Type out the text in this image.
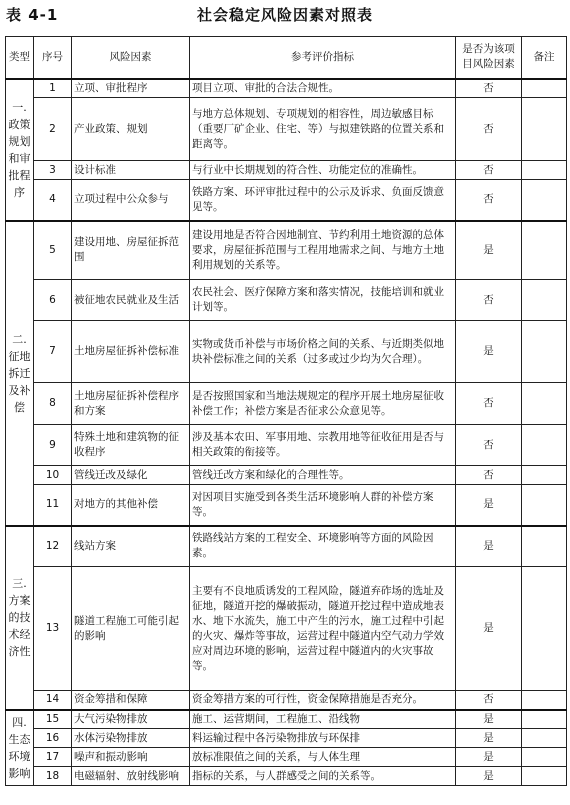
表 4-1	社会稳定风险因素对照表
类型	序号	风险因素	参考评价指标	是否为该项目风险因素	备注
一.政策规划和审批程序	1	立项、审批程序	项目立项、审批的合法合规性。	否	
	2	产业政策、规划	与地方总体规划、专项规划的相容性，周边敏感目标（重要厂矿企业、住宅、等）与拟建铁路的位置关系和距离等。	否	
	3	设计标准	与行业中长期规划的符合性、功能定位的准确性。	否	
	4	立项过程中公众参与	铁路方案、环评审批过程中的公示及诉求、负面反馈意见等。	否	
二.征地拆迁及补偿	5	建设用地、房屋征拆范围	建设用地是否符合因地制宜、节约利用土地资源的总体要求，房屋征拆范围与工程用地需求之间、与地方土地利用规划的关系等。	是	
	6	被征地农民就业及生活	农民社会、医疗保障方案和落实情况，技能培训和就业计划等。	否	
	7	土地房屋征拆补偿标准	实物或货币补偿与市场价格之间的关系、与近期类似地块补偿标准之间的关系（过多或过少均为欠合理）。	是	
	8	土地房屋征拆补偿程序和方案	是否按照国家和当地法规规定的程序开展土地房屋征收补偿工作；补偿方案是否征求公众意见等。	否	
	9	特殊土地和建筑物的征收程序	涉及基本农田、军事用地、宗教用地等征收征用是否与相关政策的衔接等。	否	
	10	管线迁改及绿化	管线迁改方案和绿化的合理性等。	否	
	11	对地方的其他补偿	对因项目实施受到各类生活环境影响人群的补偿方案等。	是	
三.方案的技术经济性	12	线站方案	铁路线站方案的工程安全、环境影响等方面的风险因素。	是	
	13	隧道工程施工可能引起的影响	主要有不良地质诱发的工程风险，隧道弃砟场的选址及征地，隧道开挖的爆破振动，隧道开挖过程中造成地表水、地下水流失，施工中产生的污水，施工过程中引起的火灾、爆炸等事故，运营过程中隧道内空气动力学效应对周边环境的影响，运营过程中隧道内的火灾事故等。	是	
	14	资金筹措和保障	资金筹措方案的可行性，资金保障措施是否充分。	否	
四.生态环境影响	15	大气污染物排放	施工、运营期间，工程施工、沿线物	是	
	16	水体污染物排放	料运输过程中各污染物排放与环保排	是	
	17	噪声和振动影响	放标准限值之间的关系，与人体生理	是	
	18	电磁辐射、放射线影响	指标的关系，与人群感受之间的关系等。	是	
